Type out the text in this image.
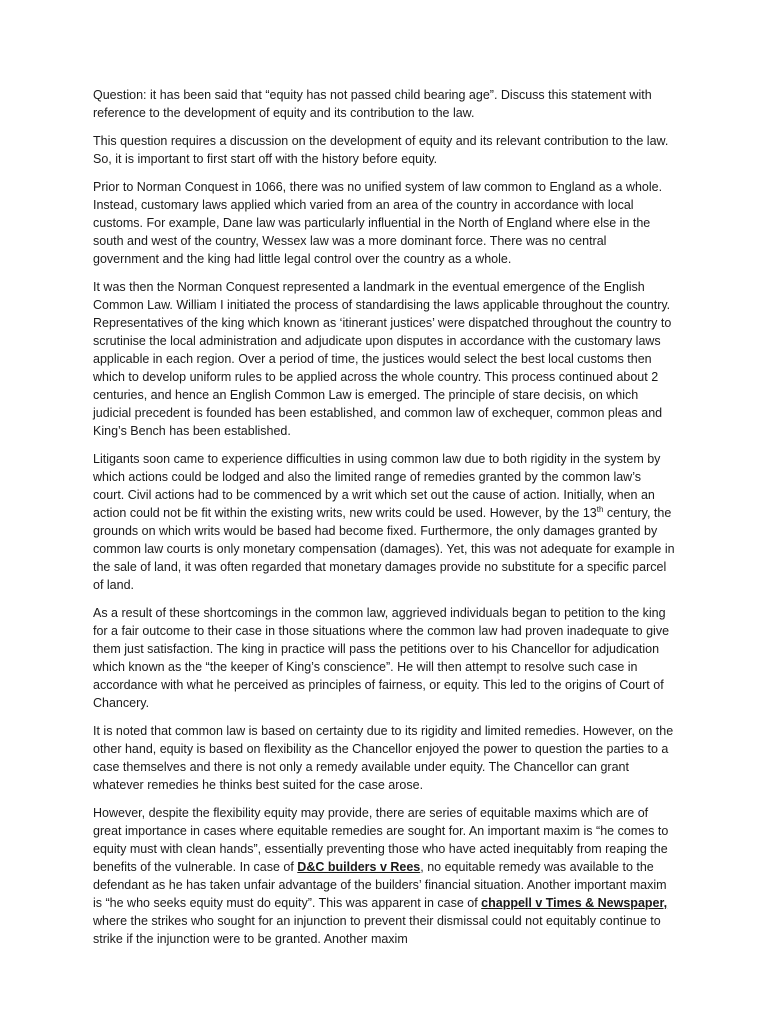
Question: it has been said that “equity has not passed child bearing age”. Discuss this statement with reference to the development of equity and its contribution to the law.

This question requires a discussion on the development of equity and its relevant contribution to the law. So, it is important to first start off with the history before equity.

Prior to Norman Conquest in 1066, there was no unified system of law common to England as a whole. Instead, customary laws applied which varied from an area of the country in accordance with local customs. For example, Dane law was particularly influential in the North of England where else in the south and west of the country, Wessex law was a more dominant force. There was no central government and the king had little legal control over the country as a whole.

It was then the Norman Conquest represented a landmark in the eventual emergence of the English Common Law. William I initiated the process of standardising the laws applicable throughout the country. Representatives of the king which known as ‘itinerant justices’ were dispatched throughout the country to scrutinise the local administration and adjudicate upon disputes in accordance with the customary laws applicable in each region. Over a period of time, the justices would select the best local customs then which to develop uniform rules to be applied across the whole country. This process continued about 2 centuries, and hence an English Common Law is emerged. The principle of stare decisis, on which judicial precedent is founded has been established, and common law of exchequer, common pleas and King’s Bench has been established.

Litigants soon came to experience difficulties in using common law due to both rigidity in the system by which actions could be lodged and also the limited range of remedies granted by the common law’s court. Civil actions had to be commenced by a writ which set out the cause of action. Initially, when an action could not be fit within the existing writs, new writs could be used. However, by the 13th century, the grounds on which writs would be based had become fixed. Furthermore, the only damages granted by common law courts is only monetary compensation (damages). Yet, this was not adequate for example in the sale of land, it was often regarded that monetary damages provide no substitute for a specific parcel of land.

As a result of these shortcomings in the common law, aggrieved individuals began to petition to the king for a fair outcome to their case in those situations where the common law had proven inadequate to give them just satisfaction. The king in practice will pass the petitions over to his Chancellor for adjudication which known as the “the keeper of King’s conscience”. He will then attempt to resolve such case in accordance with what he perceived as principles of fairness, or equity. This led to the origins of Court of Chancery.

It is noted that common law is based on certainty due to its rigidity and limited remedies. However, on the other hand, equity is based on flexibility as the Chancellor enjoyed the power to question the parties to a case themselves and there is not only a remedy available under equity. The Chancellor can grant whatever remedies he thinks best suited for the case arose.

However, despite the flexibility equity may provide, there are series of equitable maxims which are of great importance in cases where equitable remedies are sought for. An important maxim is “he comes to equity must with clean hands”, essentially preventing those who have acted inequitably from reaping the benefits of the vulnerable. In case of D&C builders v Rees, no equitable remedy was available to the defendant as he has taken unfair advantage of the builders’ financial situation. Another important maxim is “he who seeks equity must do equity”. This was apparent in case of chappell v Times & Newspaper, where the strikes who sought for an injunction to prevent their dismissal could not equitably continue to strike if the injunction were to be granted. Another maxim
